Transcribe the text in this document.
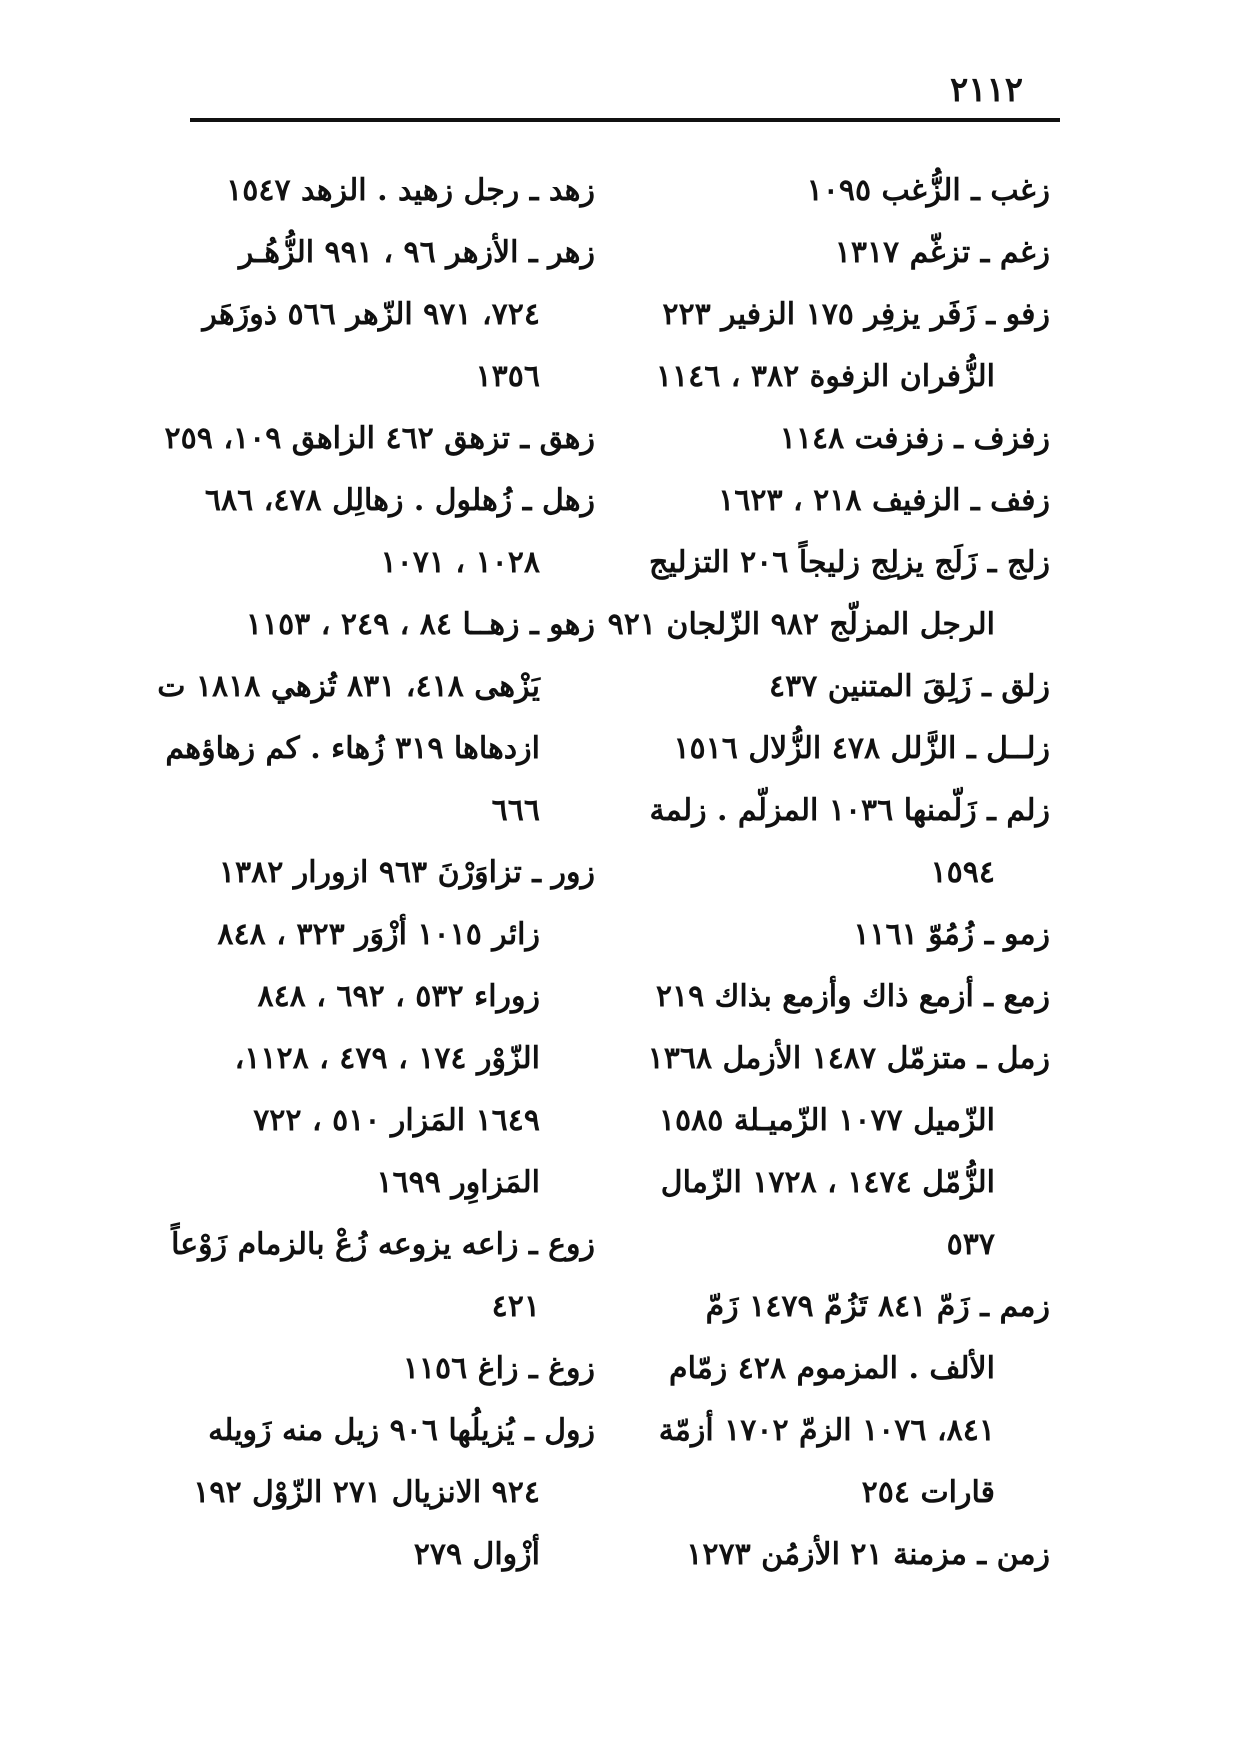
٢١١٢
زغب ـ الزُّغب ١٠٩٥
زغم ـ تزغّم ١٣١٧
زفو ـ زَفَر يزفِر ١٧٥ الزفير ٢٢٣
الزُّفران الزفوة ٣٨٢ ، ١١٤٦
زفزف ـ زفزفت ١١٤٨
زفف ـ الزفيف ٢١٨ ، ١٦٢٣
زلج ـ زَلَج يزلِج زليجاً ٢٠٦ التزليج
الرجل المزلّج ٩٨٢ الزّلجان ٩٢١
زلق ـ زَلِقَ المتنين ٤٣٧
زلــل ـ الزَّلل ٤٧٨ الزُّلال ١٥١٦
زلم ـ زَلّمنها ١٠٣٦ المزلّم . زلمة
١٥٩٤
زمو ـ زُمُوّ ١١٦١
زمع ـ أزمع ذاك وأزمع بذاك ٢١٩
زمل ـ متزمّل ١٤٨٧ الأزمل ١٣٦٨
الزّميل ١٠٧٧ الزّميـلة ١٥٨٥
الزُّمّل ١٤٧٤ ، ١٧٢٨ الزّمال
٥٣٧
زمم ـ زَمّ ٨٤١ تَزُمّ ١٤٧٩ زَمّ
الألف . المزموم ٤٢٨ زمّام
٨٤١، ١٠٧٦ الزمّ ١٧٠٢ أزمّة
قارات ٢٥٤
زمن ـ مزمنة ٢١ الأزمُن ١٢٧٣
زهد ـ رجل زهيد . الزهد ١٥٤٧
زهر ـ الأزهر ٩٦ ، ٩٩١ الزُّهُـر
٧٢٤، ٩٧١ الزّهر ٥٦٦ ذوزَهَر
١٣٥٦
زهق ـ تزهق ٤٦٢ الزاهق ١٠٩، ٢٥٩
زهل ـ زُهلول . زهالِل ٤٧٨، ٦٨٦
١٠٢٨ ، ١٠٧١
زهو ـ زهــا ٨٤ ، ٢٤٩ ، ١١٥٣
يَزْهى ٤١٨، ٨٣١ تُزهي ١٨١٨ ت
ازدهاها ٣١٩ زُهاء . كم زهاؤهم
٦٦٦
زور ـ تزاوَرْنَ ٩٦٣ ازورار ١٣٨٢
زائر ١٠١٥ أزْوَر ٣٢٣ ، ٨٤٨
زوراء ٥٣٢ ، ٦٩٢ ، ٨٤٨
الزّوْر ١٧٤ ، ٤٧٩ ، ١١٢٨،
١٦٤٩ المَزار ٥١٠ ، ٧٢٢
المَزاوِر ١٦٩٩
زوع ـ زاعه يزوعه زُعْ بالزمام زَوْعاً
٤٢١
زوغ ـ زاغ ١١٥٦
زول ـ يُزيلُها ٩٠٦ زيل منه زَويله
٩٢٤ الانزيال ٢٧١ الزّوْل ١٩٢
أزْوال ٢٧٩
